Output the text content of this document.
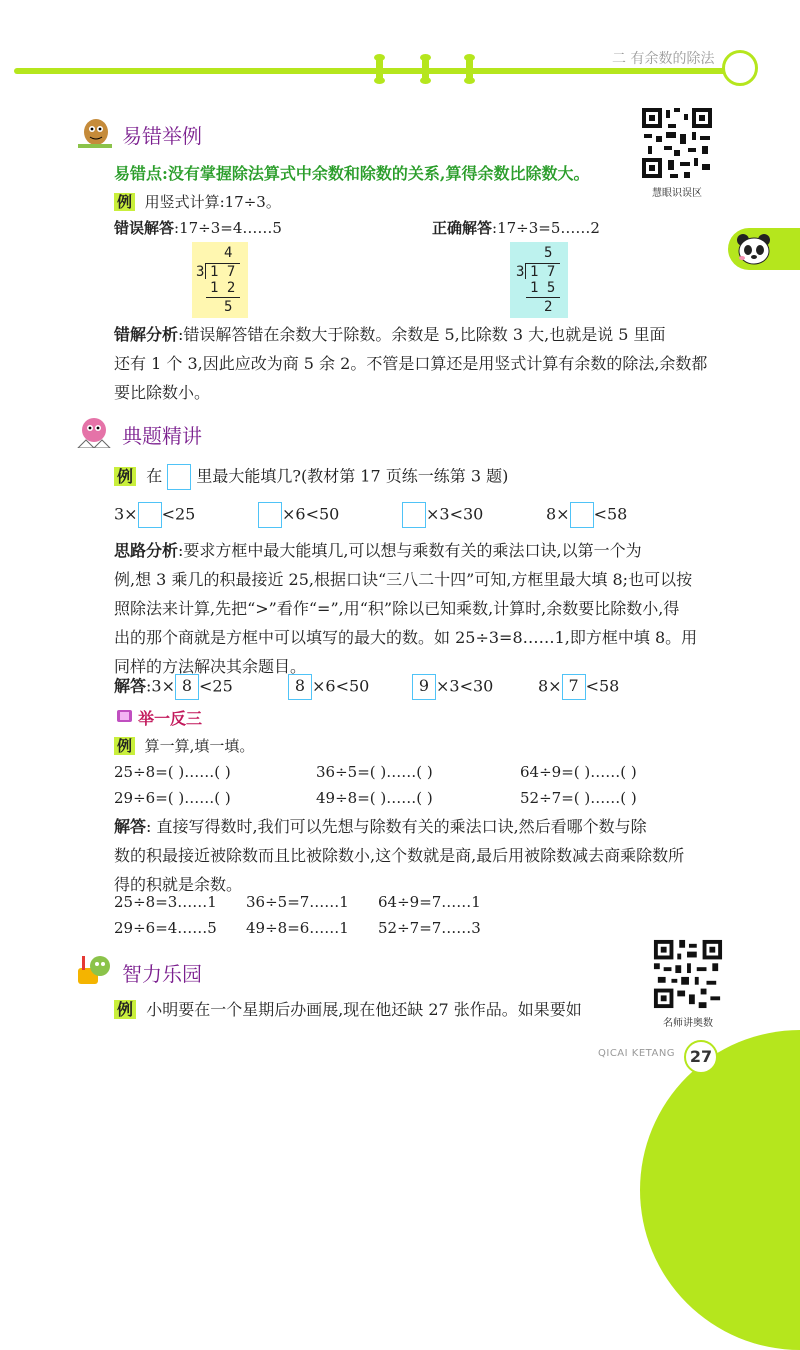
二 有余数的除法
慧眼识误区
易错举例
易错点:没有掌握除法算式中余数和除数的关系,算得余数比除数大。
例 用竖式计算:17÷3。
错误解答:17÷3=4……5	正确解答:17÷3=5……2
4
3 1 7
1 2
5
5
3 1 7
1 5
2
错解分析:错误解答错在余数大于除数。余数是 5,比除数 3 大,也就是说 5 里面
还有 1 个 3,因此应改为商 5 余 2。不管是口算还是用竖式计算有余数的除法,余数都
要比除数小。
典题精讲
例 在 里最大能填几?(教材第 17 页练一练第 3 题)
3× <25	×6<50	×3<30	8× <58
思路分析:要求方框中最大能填几,可以想与乘数有关的乘法口诀,以第一个为
例,想 3 乘几的积最接近 25,根据口诀“三八二十四”可知,方框里最大填 8;也可以按
照除法来计算,先把“>”看作“=”,用“积”除以已知乘数,计算时,余数要比除数小,得
出的那个商就是方框中可以填写的最大的数。如 25÷3=8……1,即方框中填 8。用
同样的方法解决其余题目。
解答:3× 8 <25	8 ×6<50	9 ×3<30	8× 7 <58
举一反三
例 算一算,填一填。
25÷8=( )……( )	36÷5=( )……( )	64÷9=( )……( )
29÷6=( )……( )	49÷8=( )……( )	52÷7=( )……( )
解答: 直接写得数时,我们可以先想与除数有关的乘法口诀,然后看哪个数与除
数的积最接近被除数而且比被除数小,这个数就是商,最后用被除数减去商乘除数所
得的积就是余数。
25÷8=3……1 36÷5=7……1 64÷9=7……1
29÷6=4……5 49÷8=6……1 52÷7=7……3
智力乐园
名师讲奥数
例 小明要在一个星期后办画展,现在他还缺 27 张作品。如果要如
QICAI KETANG 27
